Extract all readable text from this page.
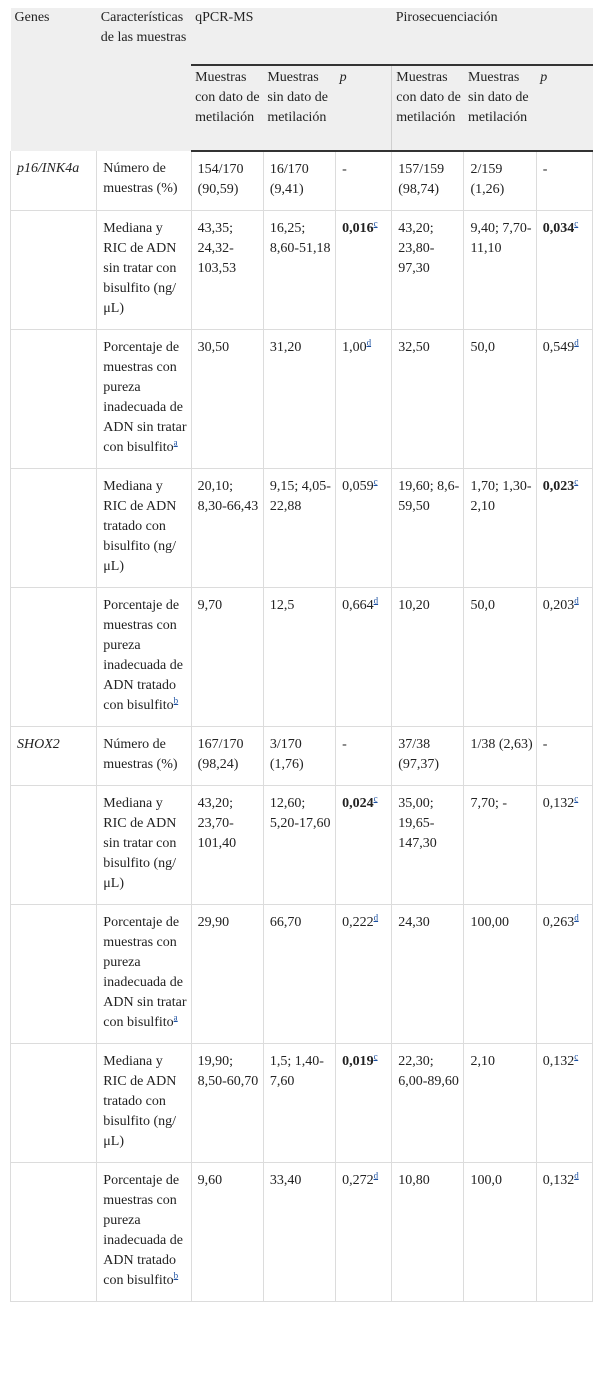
Genes	Características de las muestras	qPCR-MS			Pirosecuenciación		
		Muestras con dato de metilación	Muestras sin dato de metilación	p	Muestras con dato de metilación	Muestras sin dato de metilación	p
p16/INK4a	Número de muestras (%)	154/170 (90,59)	16/170 (9,41)	-	157/159 (98,74)	2/159 (1,26)	-
	Mediana y RIC de ADN sin tratar con bisulfito (ng/μL)	43,35; 24,32-103,53	16,25; 8,60-51,18	0,016$^c$	43,20; 23,80-97,30	9,40; 7,70-11,10	0,034$^c$
	Porcentaje de muestras con pureza inadecuada de ADN sin tratar con bisulfito$^a$	30,50	31,20	1,00$^d$	32,50	50,0	0,549$^d$
	Mediana y RIC de ADN tratado con bisulfito (ng/μL)	20,10; 8,30-66,43	9,15; 4,05-22,88	0,059$^c$	19,60; 8,6-59,50	1,70; 1,30-2,10	0,023$^c$
	Porcentaje de muestras con pureza inadecuada de ADN tratado con bisulfito$^b$	9,70	12,5	0,664$^d$	10,20	50,0	0,203$^d$
SHOX2	Número de muestras (%)	167/170 (98,24)	3/170 (1,76)	-	37/38 (97,37)	1/38 (2,63)	-
	Mediana y RIC de ADN sin tratar con bisulfito (ng/μL)	43,20; 23,70-101,40	12,60; 5,20-17,60	0,024$^c$	35,00; 19,65-147,30	7,70; -	0,132$^c$
	Porcentaje de muestras con pureza inadecuada de ADN sin tratar con bisulfito$^a$	29,90	66,70	0,222$^d$	24,30	100,00	0,263$^d$
	Mediana y RIC de ADN tratado con bisulfito (ng/μL)	19,90; 8,50-60,70	1,5; 1,40-7,60	0,019$^c$	22,30; 6,00-89,60	2,10	0,132$^c$
	Porcentaje de muestras con pureza inadecuada de ADN tratado con bisulfito$^b$	9,60	33,40	0,272$^d$	10,80	100,0	0,132$^d$
